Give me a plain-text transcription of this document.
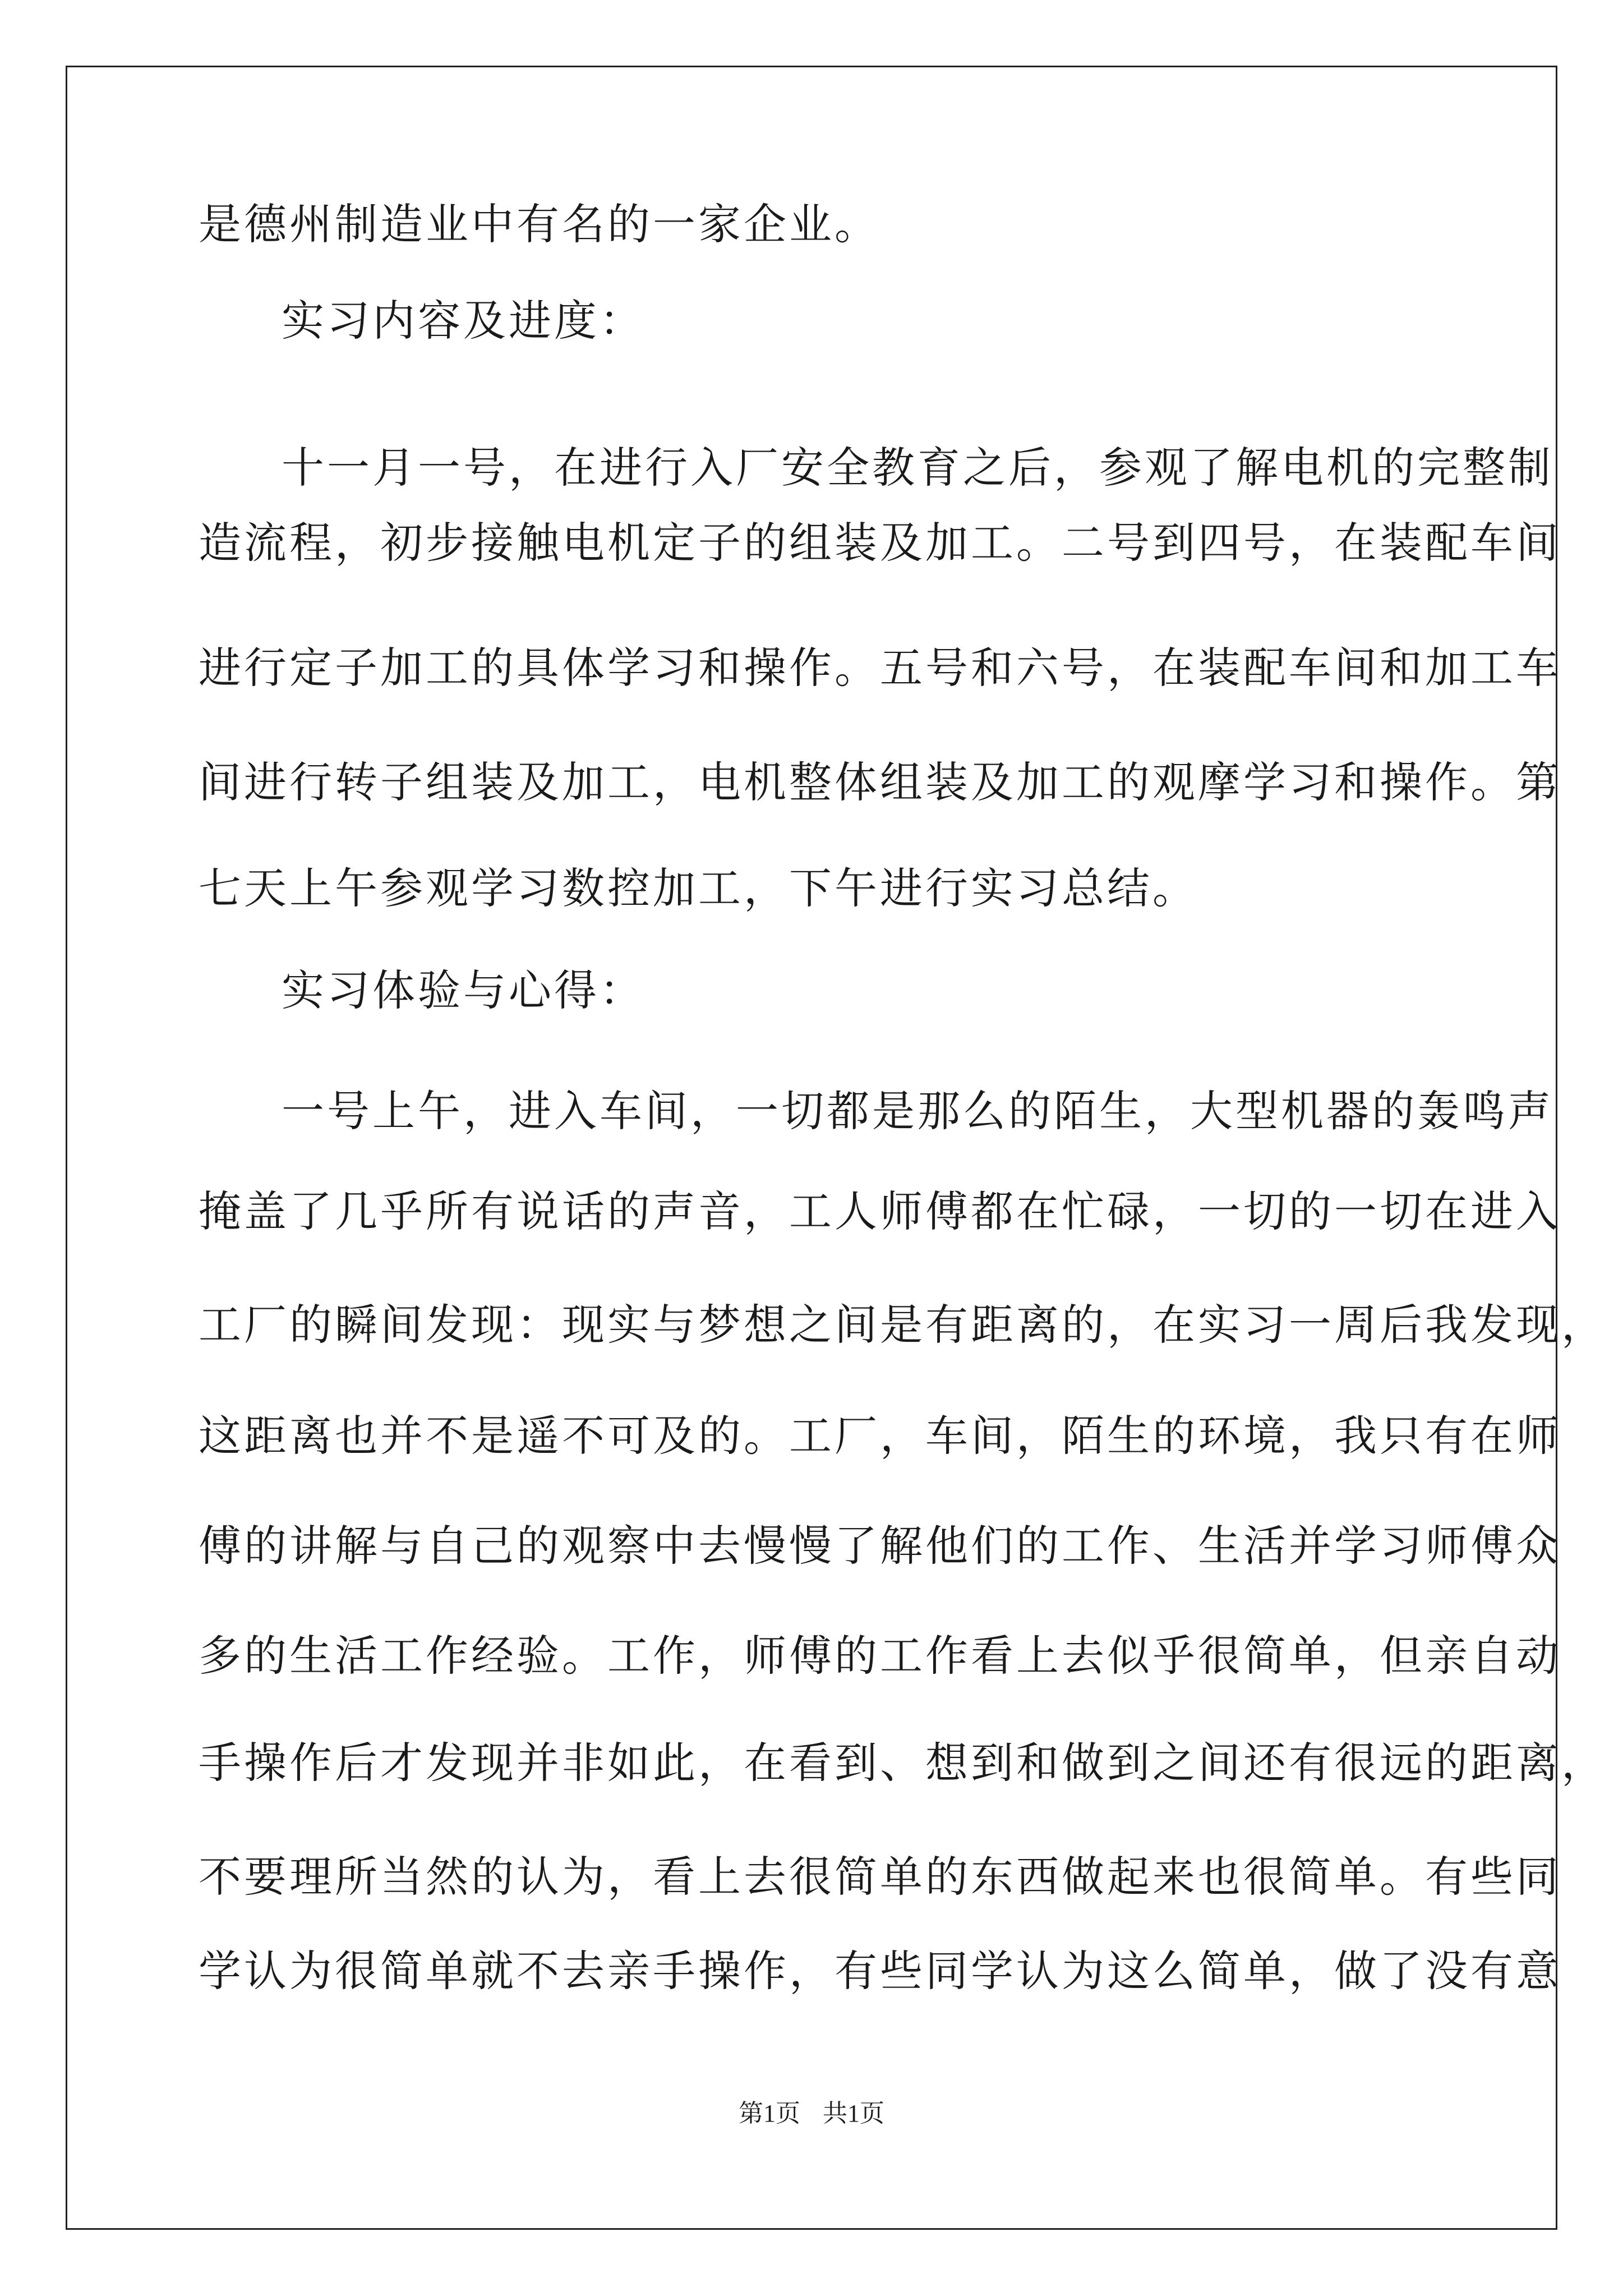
是德州制造业中有名的一家企业。
实习内容及进度：
十一月一号，在进行入厂安全教育之后，参观了解电机的完整制
造流程，初步接触电机定子的组装及加工。二号到四号，在装配车间
进行定子加工的具体学习和操作。五号和六号，在装配车间和加工车
间进行转子组装及加工，电机整体组装及加工的观摩学习和操作。第
七天上午参观学习数控加工，下午进行实习总结。
实习体验与心得：
一号上午，进入车间，一切都是那么的陌生，大型机器的轰鸣声
掩盖了几乎所有说话的声音，工人师傅都在忙碌，一切的一切在进入
工厂的瞬间发现：现实与梦想之间是有距离的，在实习一周后我发现，
这距离也并不是遥不可及的。工厂，车间，陌生的环境，我只有在师
傅的讲解与自己的观察中去慢慢了解他们的工作、生活并学习师傅众
多的生活工作经验。工作，师傅的工作看上去似乎很简单，但亲自动
手操作后才发现并非如此，在看到、想到和做到之间还有很远的距离，
不要理所当然的认为，看上去很简单的东西做起来也很简单。有些同
学认为很简单就不去亲手操作，有些同学认为这么简单，做了没有意
第1页 共1页
